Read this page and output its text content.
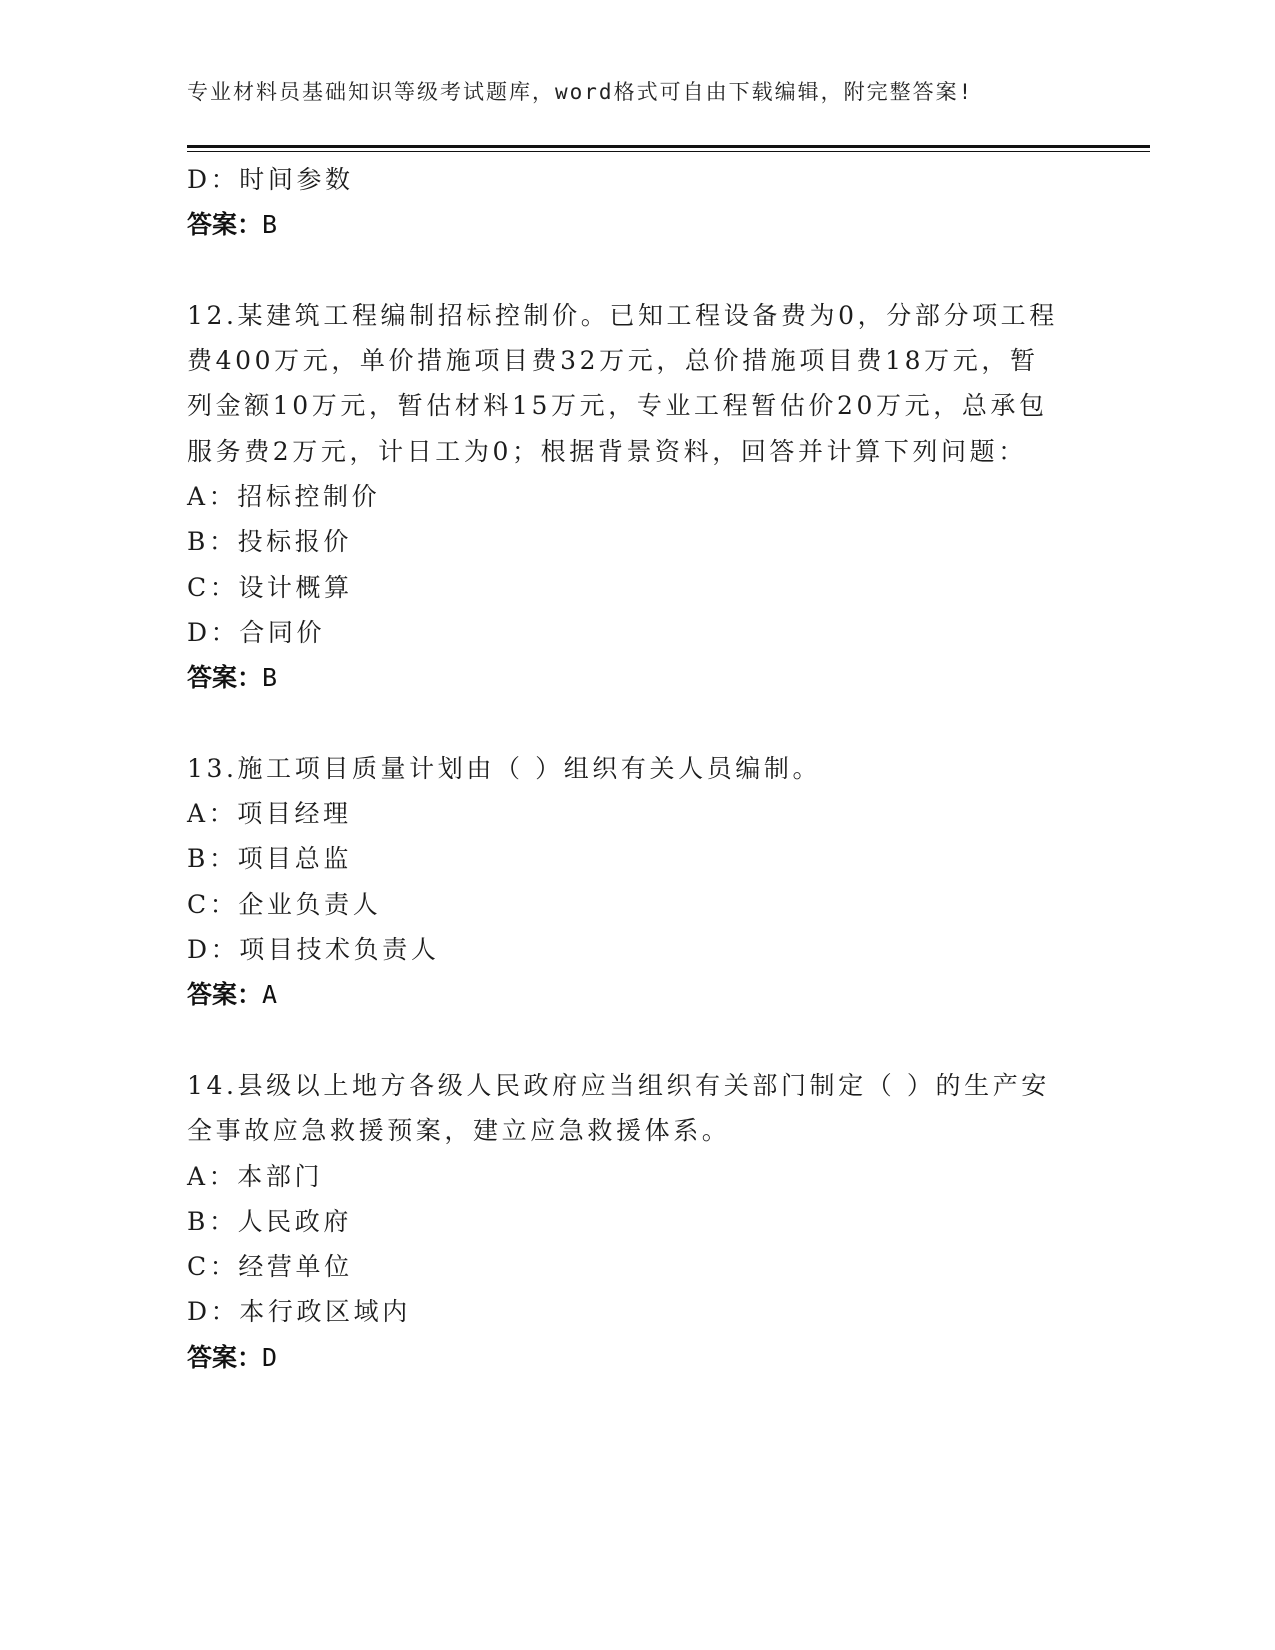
专业材料员基础知识等级考试题库，word格式可自由下载编辑，附完整答案!
D：时间参数
答案：B
12.某建筑工程编制招标控制价。已知工程设备费为0，分部分项工程
费400万元，单价措施项目费32万元，总价措施项目费18万元，暂
列金额10万元，暂估材料15万元，专业工程暂估价20万元，总承包
服务费2万元，计日工为0；根据背景资料，回答并计算下列问题：
A：招标控制价
B：投标报价
C：设计概算
D：合同价
答案：B
13.施工项目质量计划由（ ）组织有关人员编制。
A：项目经理
B：项目总监
C：企业负责人
D：项目技术负责人
答案：A
14.县级以上地方各级人民政府应当组织有关部门制定（ ）的生产安
全事故应急救援预案，建立应急救援体系。
A：本部门
B：人民政府
C：经营单位
D：本行政区域内
答案：D
